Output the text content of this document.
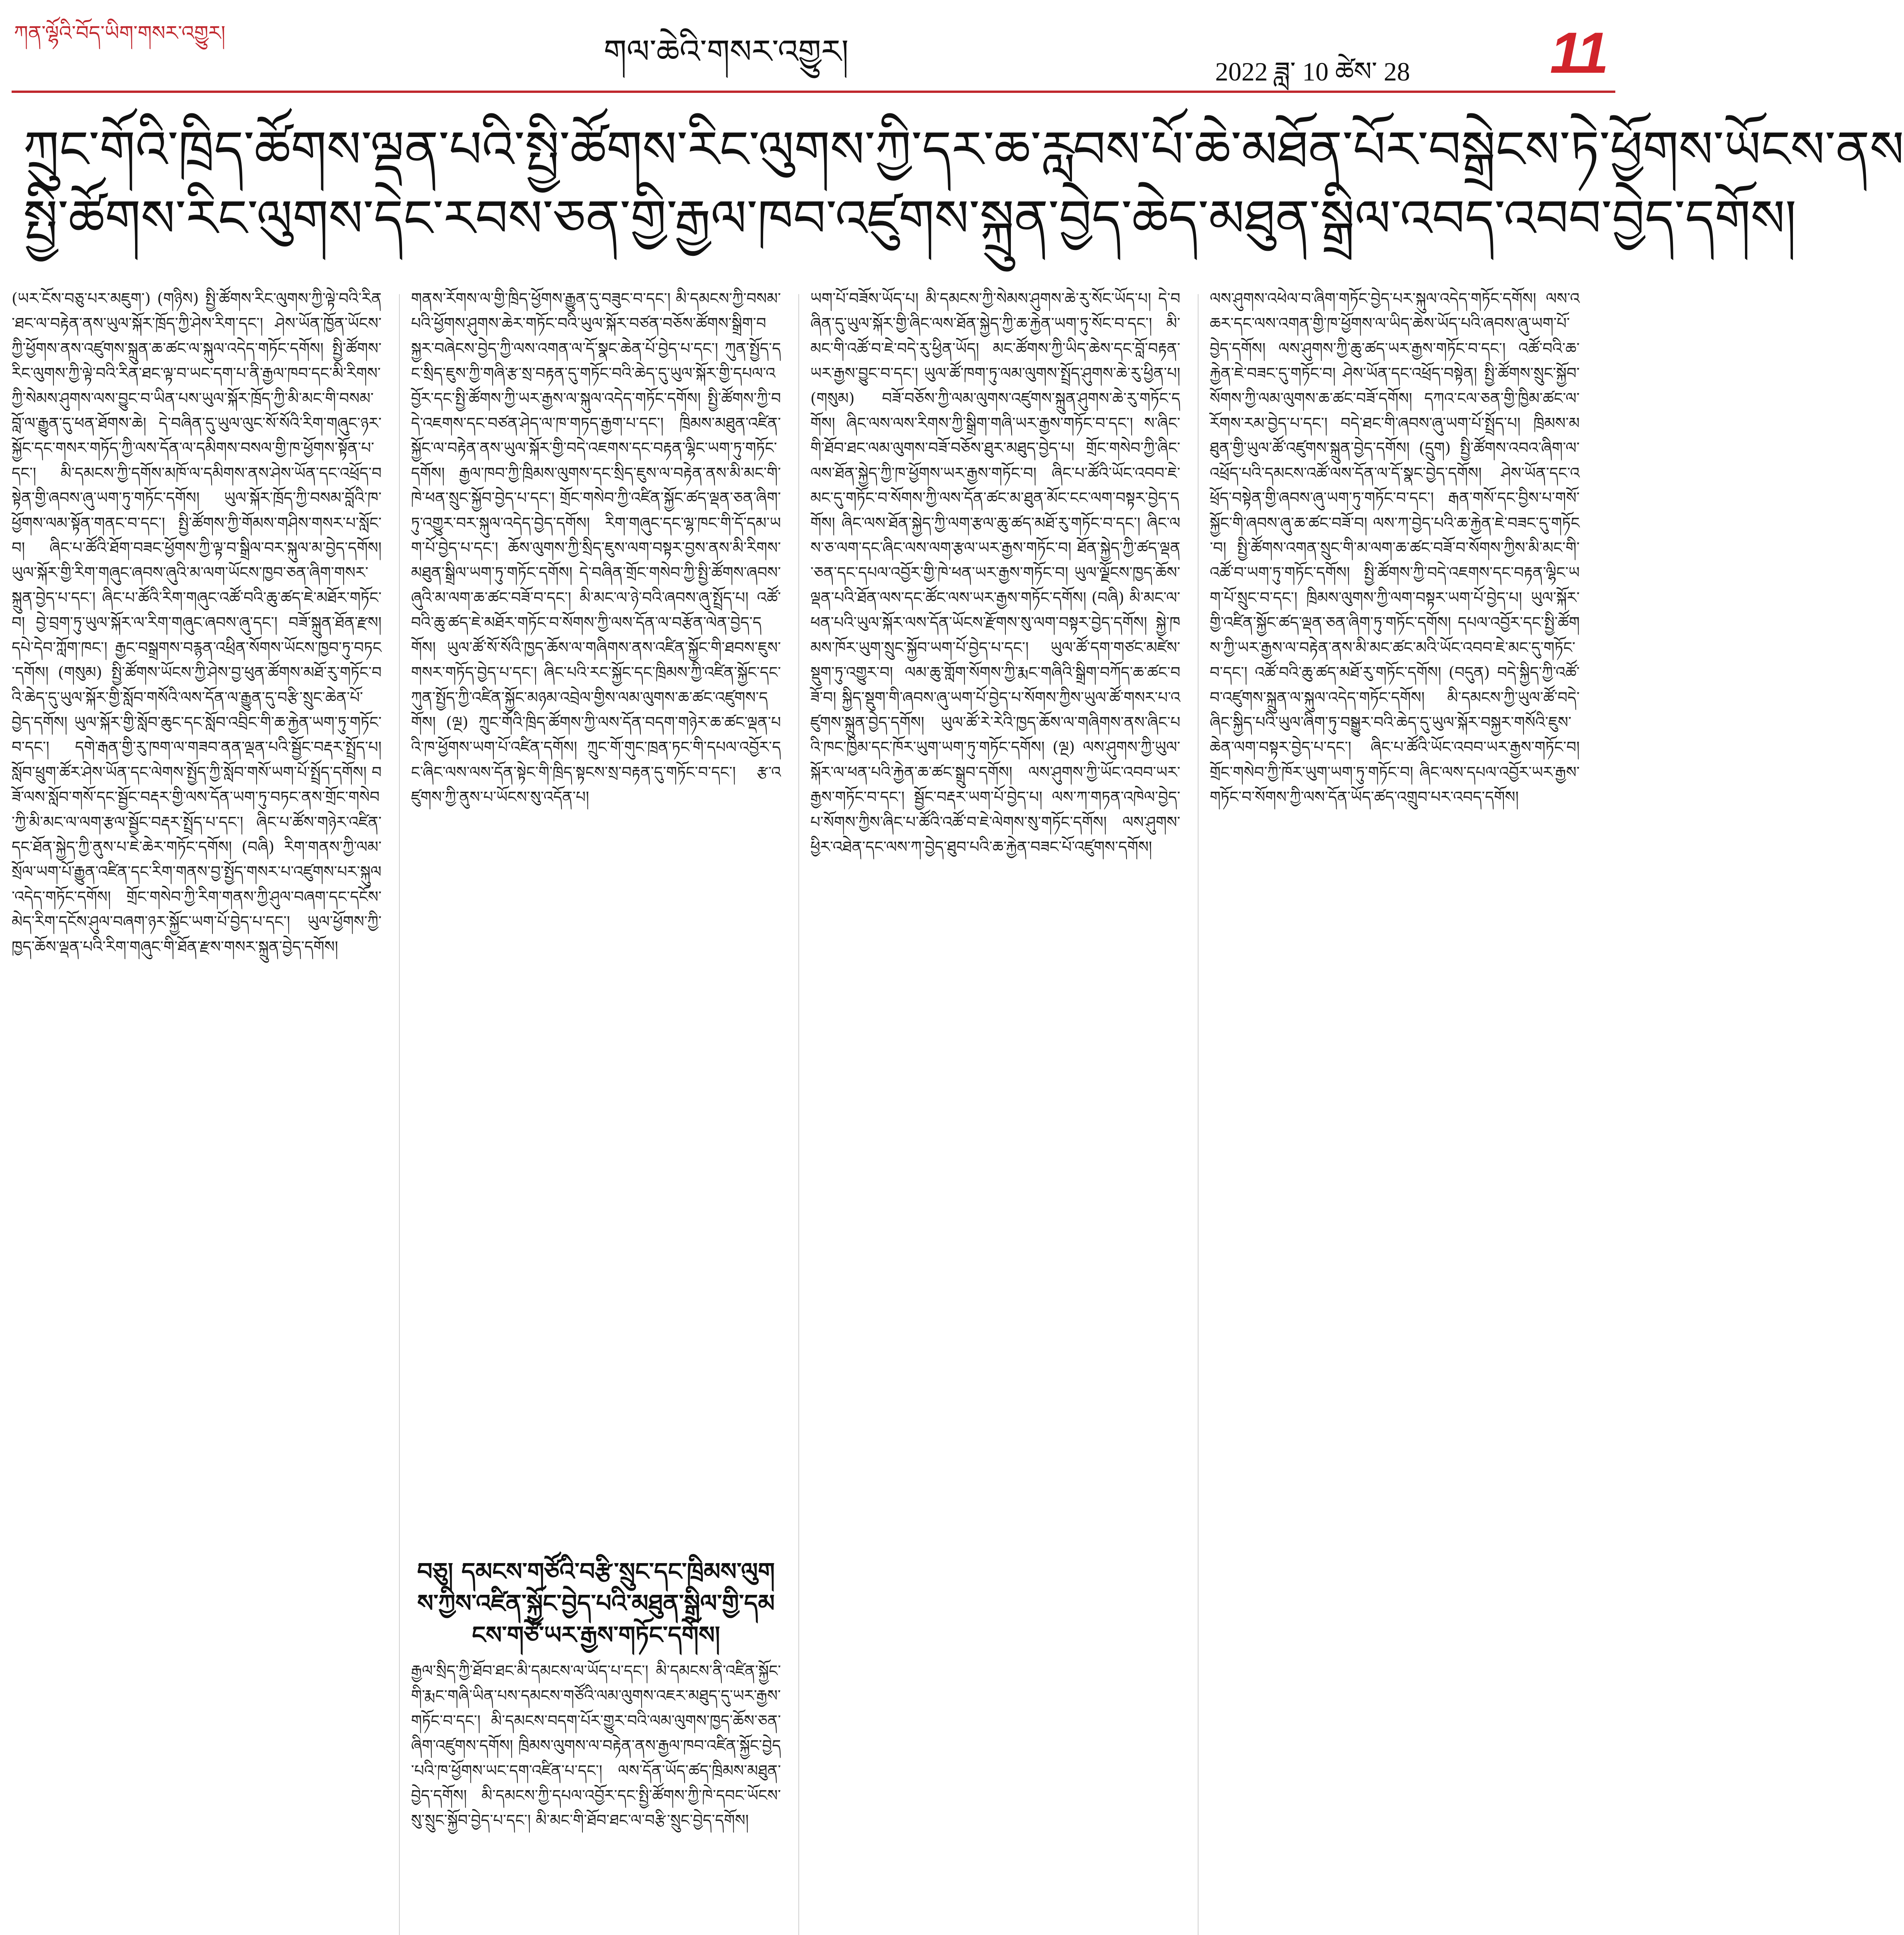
ཀན་ལྷོའི་བོད་ཡིག་གསར་འགྱུར།	གལ་ཆེའི་གསར་འགྱུར།
2022 ཟླ་ 10 ཚེས་ 28 11
ཀྲུང་གོའི་ཁྲིད་ཚོགས་ལྡན་པའི་སྤྱི་ཚོགས་རིང་ལུགས་ཀྱི་དར་ཆ་རླབས་པོ་ཆེ་མཐོན་པོར་བསྒྲེངས་ཏེ་ཕྱོགས་ཡོངས་ནས
སྤྱི་ཚོགས་རིང་ལུགས་དེང་རབས་ཅན་གྱི་རྒྱལ་ཁབ་འཛུགས་སྐྲུན་བྱེད་ཆེད་མཐུན་སྒྲིལ་འབད་འབབ་བྱེད་དགོས།
(ཡར་ངོས་བཅུ་པར་མཇུག་) (གཉིས) སྤྱི་ཚོགས་རིང་ལུགས་ཀྱི་ལྟེ་བའི་རིན་ཐང་ལ་བརྟེན་ནས་ཡུལ་སྐོར་ཁྲོད་ཀྱི་ཤེས་རིག་དང་། ཤེས་ཡོན་ཁྱོན་ཡོངས་ཀྱི་ཕྱོགས་ནས་འཛུགས་སྐྲུན་ཆ་ཚང་ལ་སྐུལ་འདེད་གཏོང་དགོས། སྤྱི་ཚོགས་རིང་ལུགས་ཀྱི་ལྟེ་བའི་རིན་ཐང་ལྟ་བ་ཡང་དག་པ་ནི་རྒྱལ་ཁབ་དང་མི་རིགས་ཀྱི་སེམས་ཤུགས་ལས་བྱུང་བ་ཡིན་པས་ཡུལ་སྐོར་ཁྲོད་ཀྱི་མི་མང་གི་བསམ་བློ་ལ་རྒྱུན་དུ་ཕན་ཐོགས་ཆེ། དེ་བཞིན་དུ་ཡུལ་ལུང་སོ་སོའི་རིག་གཞུང་ཉར་སྐྱོང་དང་གསར་གཏོད་ཀྱི་ལས་དོན་ལ་དམིགས་བསལ་གྱི་ཁ་ཕྱོགས་སྟོན་པ་དང་། མི་དམངས་ཀྱི་དགོས་མཁོ་ལ་དམིགས་ནས་ཤེས་ཡོན་དང་འཕྲོད་བསྟེན་གྱི་ཞབས་ཞུ་ཡག་ཏུ་གཏོང་དགོས། ཡུལ་སྐོར་ཁྲོད་ཀྱི་བསམ་བློའི་ཁ་ཕྱོགས་ལམ་སྟོན་གནང་བ་དང་། སྤྱི་ཚོགས་ཀྱི་གོམས་གཤིས་གསར་པ་སློང་བ། ཞིང་པ་ཚོའི་ཐོག་བཟང་ཕྱོགས་ཀྱི་ལྟ་བ་སྒྲིལ་བར་སྐུལ་མ་བྱེད་དགོས། ཡུལ་སྐོར་གྱི་རིག་གཞུང་ཞབས་ཞུའི་མ་ལག་ཡོངས་ཁྱབ་ཅན་ཞིག་གསར་སྐྲུན་བྱེད་པ་དང་། ཞིང་པ་ཚོའི་རིག་གཞུང་འཚོ་བའི་ཆུ་ཚད་ཇེ་མཐོར་གཏོང་བ། བྱེ་བྲག་ཏུ་ཡུལ་སྐོར་ལ་རིག་གཞུང་ཞབས་ཞུ་དང་། བཟོ་སྐྲུན་ཐོན་རྫས། དཔེ་དེབ་ཀློག་ཁང་། རྒྱང་བསྒྲགས་བརྙན་འཕྲིན་སོགས་ཡོངས་ཁྱབ་ཏུ་བཏང་དགོས། (གསུམ) སྤྱི་ཚོགས་ཡོངས་ཀྱི་ཤེས་བྱ་ཕུན་ཚོགས་མཐོ་རུ་གཏོང་བའི་ཆེད་དུ་ཡུལ་སྐོར་གྱི་སློབ་གསོའི་ལས་དོན་ལ་རྒྱུན་དུ་བརྩི་སྲུང་ཆེན་པོ་བྱེད་དགོས། ཡུལ་སྐོར་གྱི་སློབ་ཆུང་དང་སློབ་འབྲིང་གི་ཆ་རྐྱེན་ཡག་ཏུ་གཏོང་བ་དང་། དགེ་རྒན་གྱི་རུ་ཁག་ལ་གཟབ་ནན་ལྡན་པའི་སྦྱོང་བརྡར་སྤྲོད་པ། སློབ་ཕྲུག་ཚོར་ཤེས་ཡོན་དང་ལེགས་སྤྱོད་ཀྱི་སློབ་གསོ་ཡག་པོ་སྤྲོད་དགོས། བཟོ་ལས་སློབ་གསོ་དང་སྦྱོང་བརྡར་གྱི་ལས་དོན་ཡག་ཏུ་བཏང་ནས་གྲོང་གསེབ་ཀྱི་མི་མང་ལ་ལག་རྩལ་སྦྱོང་བརྡར་སྤྲོད་པ་དང་། ཞིང་པ་ཚོས་གཉེར་འཛིན་དང་ཐོན་སྐྱེད་ཀྱི་ནུས་པ་ཇེ་ཆེར་གཏོང་དགོས། (བཞི) རིག་གནས་ཀྱི་ལམ་སྲོལ་ཡག་པོ་རྒྱུན་འཛིན་དང་རིག་གནས་བྱ་སྤྱོད་གསར་པ་འཛུགས་པར་སྐུལ་འདེད་གཏོང་དགོས། གྲོང་གསེབ་ཀྱི་རིག་གནས་ཀྱི་ཤུལ་བཞག་དང་དངོས་མེད་རིག་དངོས་ཤུལ་བཞག་ཉར་སྐྱོང་ཡག་པོ་བྱེད་པ་དང་། ཡུལ་ཕྱོགས་ཀྱི་ཁྱད་ཆོས་ལྡན་པའི་རིག་གཞུང་གི་ཐོན་རྫས་གསར་སྐྲུན་བྱེད་དགོས།
གནས་རོགས་ལ་གྱི་ཁྲིད་ཕྱོགས་རྒྱུན་དུ་བཟུང་བ་དང་། མི་དམངས་ཀྱི་བསམ་པའི་ཕྱོགས་ཤུགས་ཆེར་གཏོང་བའི་ཡུལ་སྐོར་བཙན་བཅོས་ཚོགས་སྒྲིག་བསྐྱར་བཞེངས་བྱེད་ཀྱི་ལས་འགན་ལ་དོ་སྣང་ཆེན་པོ་བྱེད་པ་དང་། ཀུན་སྤྱོད་དང་སྲིད་ཇུས་ཀྱི་གཞི་རྩ་སྲ་བརྟན་དུ་གཏོང་བའི་ཆེད་དུ་ཡུལ་སྐོར་གྱི་དཔལ་འབྱོར་དང་སྤྱི་ཚོགས་ཀྱི་ཡར་རྒྱས་ལ་སྐུལ་འདེད་གཏོང་དགོས། སྤྱི་ཚོགས་ཀྱི་བདེ་འཇགས་དང་བཙན་ཤེད་ལ་ཁ་གཏད་རྒྱག་པ་དང་། ཁྲིམས་མཐུན་འཛིན་སྐྱོང་ལ་བརྟེན་ནས་ཡུལ་སྐོར་གྱི་བདེ་འཇགས་དང་བརྟན་ལྷིང་ཡག་ཏུ་གཏོང་དགོས། རྒྱལ་ཁབ་ཀྱི་ཁྲིམས་ལུགས་དང་སྲིད་ཇུས་ལ་བརྟེན་ནས་མི་མང་གི་ཁེ་ཕན་སྲུང་སྐྱོབ་བྱེད་པ་དང་། གྲོང་གསེབ་ཀྱི་འཛིན་སྐྱོང་ཚད་ལྡན་ཅན་ཞིག་ཏུ་འགྱུར་བར་སྐུལ་འདེད་བྱེད་དགོས། རིག་གཞུང་དང་ལྷ་ཁང་གི་དོ་དམ་ཡག་པོ་བྱེད་པ་དང་། ཆོས་ལུགས་ཀྱི་སྲིད་ཇུས་ལག་བསྟར་བྱས་ནས་མི་རིགས་མཐུན་སྒྲིལ་ཡག་ཏུ་གཏོང་དགོས། དེ་བཞིན་གྲོང་གསེབ་ཀྱི་སྤྱི་ཚོགས་ཞབས་ཞུའི་མ་ལག་ཆ་ཚང་བཟོ་བ་དང་། མི་མང་ལ་ཉེ་བའི་ཞབས་ཞུ་སྤྲོད་པ། འཚོ་བའི་ཆུ་ཚད་ཇེ་མཐོར་གཏོང་བ་སོགས་ཀྱི་ལས་དོན་ལ་བརྩོན་ལེན་བྱེད་དགོས། ཡུལ་ཚོ་སོ་སོའི་ཁྱད་ཆོས་ལ་གཞིགས་ནས་འཛིན་སྐྱོང་གི་ཐབས་ཇུས་གསར་གཏོད་བྱེད་པ་དང་། ཞིང་པའི་རང་སྐྱོང་དང་ཁྲིམས་ཀྱི་འཛིན་སྐྱོང་དང་ཀུན་སྤྱོད་ཀྱི་འཛིན་སྐྱོང་མཉམ་འབྲེལ་གྱིས་ལམ་ལུགས་ཆ་ཚང་འཛུགས་དགོས། (ལྔ) ཀྲུང་གོའི་ཁྲིད་ཚོགས་ཀྱི་ལས་དོན་བདག་གཉེར་ཆ་ཚང་ལྡན་པའི་ཁ་ཕྱོགས་ཡག་པོ་འཛིན་དགོས། ཀྲུང་གོ་གུང་ཁྲན་ཏང་གི་དཔལ་འབྱོར་དང་ཞིང་ལས་ལས་དོན་སྟེང་གི་ཁྲིད་སྟངས་སྲ་བརྟན་དུ་གཏོང་བ་དང་། རྩ་འཛུགས་ཀྱི་ནུས་པ་ཡོངས་སུ་འདོན་པ།
བཅུ། དམངས་གཙོའི་བརྩི་སྲུང་དང་ཁྲིམས་ལུགས་ཀྱིས་འཛིན་སྐྱོང་བྱེད་པའི་མཐུན་སྒྲིལ་གྱི་དམངས་གཙོ་ཡར་རྒྱས་གཏོང་དགོས།
རྒྱལ་སྲིད་ཀྱི་ཐོབ་ཐང་མི་དམངས་ལ་ཡོད་པ་དང་། མི་དམངས་ནི་འཛིན་སྐྱོང་གི་རྨང་གཞི་ཡིན་པས་དམངས་གཙོའི་ལམ་ལུགས་འཇར་མཐུད་དུ་ཡར་རྒྱས་གཏོང་བ་དང་། མི་དམངས་བདག་པོར་གྱུར་བའི་ལམ་ལུགས་ཁྱད་ཆོས་ཅན་ཞིག་འཛུགས་དགོས། ཁྲིམས་ལུགས་ལ་བརྟེན་ནས་རྒྱལ་ཁབ་འཛིན་སྐྱོང་བྱེད་པའི་ཁ་ཕྱོགས་ཡང་དག་འཛིན་པ་དང་། ལས་དོན་ཡོད་ཚད་ཁྲིམས་མཐུན་བྱེད་དགོས། མི་དམངས་ཀྱི་དཔལ་འབྱོར་དང་སྤྱི་ཚོགས་ཀྱི་ཁེ་དབང་ཡོངས་སུ་སྲུང་སྐྱོབ་བྱེད་པ་དང་། མི་མང་གི་ཐོབ་ཐང་ལ་བརྩི་སྲུང་བྱེད་དགོས།
ཡག་པོ་བཟོས་ཡོད་པ། མི་དམངས་ཀྱི་སེམས་ཤུགས་ཆེ་རུ་སོང་ཡོད་པ། དེ་བཞིན་དུ་ཡུལ་སྐོར་གྱི་ཞིང་ལས་ཐོན་སྐྱེད་ཀྱི་ཆ་རྐྱེན་ཡག་ཏུ་སོང་བ་དང་། མི་མང་གི་འཚོ་བ་ཇེ་བདེ་རུ་ཕྱིན་ཡོད། མང་ཚོགས་ཀྱི་ཡིད་ཆེས་དང་བློ་བརྟན་ཡར་རྒྱས་བྱུང་བ་དང་། ཡུལ་ཚོ་ཁག་ཏུ་ལམ་ལུགས་སྤྲོད་ཤུགས་ཆེ་རུ་ཕྱིན་པ། (གསུམ) བཟོ་བཅོས་ཀྱི་ལམ་ལུགས་འཛུགས་སྐྲུན་ཤུགས་ཆེ་རུ་གཏོང་དགོས། ཞིང་ལས་ལས་རིགས་ཀྱི་སྒྲིག་གཞི་ཡར་རྒྱས་གཏོང་བ་དང་། ས་ཞིང་གི་ཐོབ་ཐང་ལམ་ལུགས་བཟོ་བཅོས་ཐུར་མཐུད་བྱེད་པ། གྲོང་གསེབ་ཀྱི་ཞིང་ལས་ཐོན་སྐྱེད་ཀྱི་ཁ་ཕྱོགས་ཡར་རྒྱས་གཏོང་བ། ཞིང་པ་ཚོའི་ཡོང་འབབ་ཇེ་མང་དུ་གཏོང་བ་སོགས་ཀྱི་ལས་དོན་ཚང་མ་ཐུན་མོང་ངང་ལག་བསྟར་བྱེད་དགོས། ཞིང་ལས་ཐོན་སྐྱེད་ཀྱི་ལག་རྩལ་ཆུ་ཚད་མཐོ་རུ་གཏོང་བ་དང་། ཞིང་ལས་ཅ་ལག་དང་ཞིང་ལས་ལག་རྩལ་ཡར་རྒྱས་གཏོང་བ། ཐོན་སྐྱེད་ཀྱི་ཚད་ལྡན་ཅན་དང་དཔལ་འབྱོར་གྱི་ཁེ་ཕན་ཡར་རྒྱས་གཏོང་བ། ཡུལ་ལྗོངས་ཁྱད་ཆོས་ལྡན་པའི་ཐོན་ལས་དང་ཚོང་ལས་ཡར་རྒྱས་གཏོང་དགོས། (བཞི) མི་མང་ལ་ཕན་པའི་ཡུལ་སྐོར་ལས་དོན་ཡོངས་རྫོགས་སུ་ལག་བསྟར་བྱེད་དགོས། སྐྱེ་ཁམས་ཁོར་ཡུག་སྲུང་སྐྱོབ་ཡག་པོ་བྱེད་པ་དང་། ཡུལ་ཚོ་དག་གཙང་མཛེས་སྡུག་ཏུ་འགྱུར་བ། ལམ་ཆུ་གློག་སོགས་ཀྱི་རྨང་གཞིའི་སྒྲིག་བཀོད་ཆ་ཚང་བཟོ་བ། སྐྱིད་སྡུག་གི་ཞབས་ཞུ་ཡག་པོ་བྱེད་པ་སོགས་ཀྱིས་ཡུལ་ཚོ་གསར་པ་འཛུགས་སྐྲུན་བྱེད་དགོས། ཡུལ་ཚོ་རེ་རེའི་ཁྱད་ཆོས་ལ་གཞིགས་ནས་ཞིང་པའི་ཁང་ཁྱིམ་དང་ཁོར་ཡུག་ཡག་ཏུ་གཏོང་དགོས། (ལྔ) ལས་ཤུགས་ཀྱི་ཡུལ་སྐོར་ལ་ཕན་པའི་རྐྱེན་ཆ་ཚང་སྒྲུབ་དགོས། ལས་ཤུགས་ཀྱི་ཡོང་འབབ་ཡར་རྒྱས་གཏོང་བ་དང་། སྦྱོང་བརྡར་ཡག་པོ་བྱེད་པ། ལས་ཀ་གཏན་འཁེལ་བྱེད་པ་སོགས་ཀྱིས་ཞིང་པ་ཚོའི་འཚོ་བ་ཇེ་ལེགས་སུ་གཏོང་དགོས། ལས་ཤུགས་ཕྱིར་འཐེན་དང་ལས་ཀ་བྱེད་ཐུབ་པའི་ཆ་རྐྱེན་བཟང་པོ་འཛུགས་དགོས།
ལས་ཤུགས་འཕེལ་བ་ཞིག་གཏོང་བྱེད་པར་སྐུལ་འདེད་གཏོང་དགོས། ལས་འཆར་དང་ལས་འགན་གྱི་ཁ་ཕྱོགས་ལ་ཡིད་ཆེས་ཡོད་པའི་ཞབས་ཞུ་ཡག་པོ་བྱེད་དགོས། ལས་ཤུགས་ཀྱི་ཆུ་ཚད་ཡར་རྒྱས་གཏོང་བ་དང་། འཚོ་བའི་ཆ་རྐྱེན་ཇེ་བཟང་དུ་གཏོང་བ། ཤེས་ཡོན་དང་འཕྲོད་བསྟེན། སྤྱི་ཚོགས་སྲུང་སྐྱོབ་སོགས་ཀྱི་ལམ་ལུགས་ཆ་ཚང་བཟོ་དགོས། དཀའ་ངལ་ཅན་གྱི་ཁྱིམ་ཚང་ལ་རོགས་རམ་བྱེད་པ་དང་། བདེ་ཐང་གི་ཞབས་ཞུ་ཡག་པོ་སྤྲོད་པ། ཁྲིམས་མཐུན་གྱི་ཡུལ་ཚོ་འཛུགས་སྐྲུན་བྱེད་དགོས། (དྲུག) སྤྱི་ཚོགས་འབའ་ཞིག་ལ་འཕྲོད་པའི་དམངས་འཚོ་ལས་དོན་ལ་དོ་སྣང་བྱེད་དགོས། ཤེས་ཡོན་དང་འཕྲོད་བསྟེན་གྱི་ཞབས་ཞུ་ཡག་ཏུ་གཏོང་བ་དང་། རྒན་གསོ་དང་བྱིས་པ་གསོ་སྐྱོང་གི་ཞབས་ཞུ་ཆ་ཚང་བཟོ་བ། ལས་ཀ་བྱེད་པའི་ཆ་རྐྱེན་ཇེ་བཟང་དུ་གཏོང་བ། སྤྱི་ཚོགས་འགན་སྲུང་གི་མ་ལག་ཆ་ཚང་བཟོ་བ་སོགས་ཀྱིས་མི་མང་གི་འཚོ་བ་ཡག་ཏུ་གཏོང་དགོས། སྤྱི་ཚོགས་ཀྱི་བདེ་འཇགས་དང་བརྟན་ལྷིང་ཡག་པོ་སྲུང་བ་དང་། ཁྲིམས་ལུགས་ཀྱི་ལག་བསྟར་ཡག་པོ་བྱེད་པ། ཡུལ་སྐོར་གྱི་འཛིན་སྐྱོང་ཚད་ལྡན་ཅན་ཞིག་ཏུ་གཏོང་དགོས། དཔལ་འབྱོར་དང་སྤྱི་ཚོགས་ཀྱི་ཡར་རྒྱས་ལ་བརྟེན་ནས་མི་མང་ཚང་མའི་ཡོང་འབབ་ཇེ་མང་དུ་གཏོང་བ་དང་། འཚོ་བའི་ཆུ་ཚད་མཐོ་རུ་གཏོང་དགོས། (བདུན) བདེ་སྐྱིད་ཀྱི་འཚོ་བ་འཛུགས་སྐྲུན་ལ་སྐུལ་འདེད་གཏོང་དགོས། མི་དམངས་ཀྱི་ཡུལ་ཚོ་བདེ་ཞིང་སྐྱིད་པའི་ཡུལ་ཞིག་ཏུ་བསྒྱུར་བའི་ཆེད་དུ་ཡུལ་སྐོར་བསྐྱར་གསོའི་ཇུས་ཆེན་ལག་བསྟར་བྱེད་པ་དང་། ཞིང་པ་ཚོའི་ཡོང་འབབ་ཡར་རྒྱས་གཏོང་བ། གྲོང་གསེབ་ཀྱི་ཁོར་ཡུག་ཡག་ཏུ་གཏོང་བ། ཞིང་ལས་དཔལ་འབྱོར་ཡར་རྒྱས་གཏོང་བ་སོགས་ཀྱི་ལས་དོན་ཡོད་ཚད་འགྲུབ་པར་འབད་དགོས།
